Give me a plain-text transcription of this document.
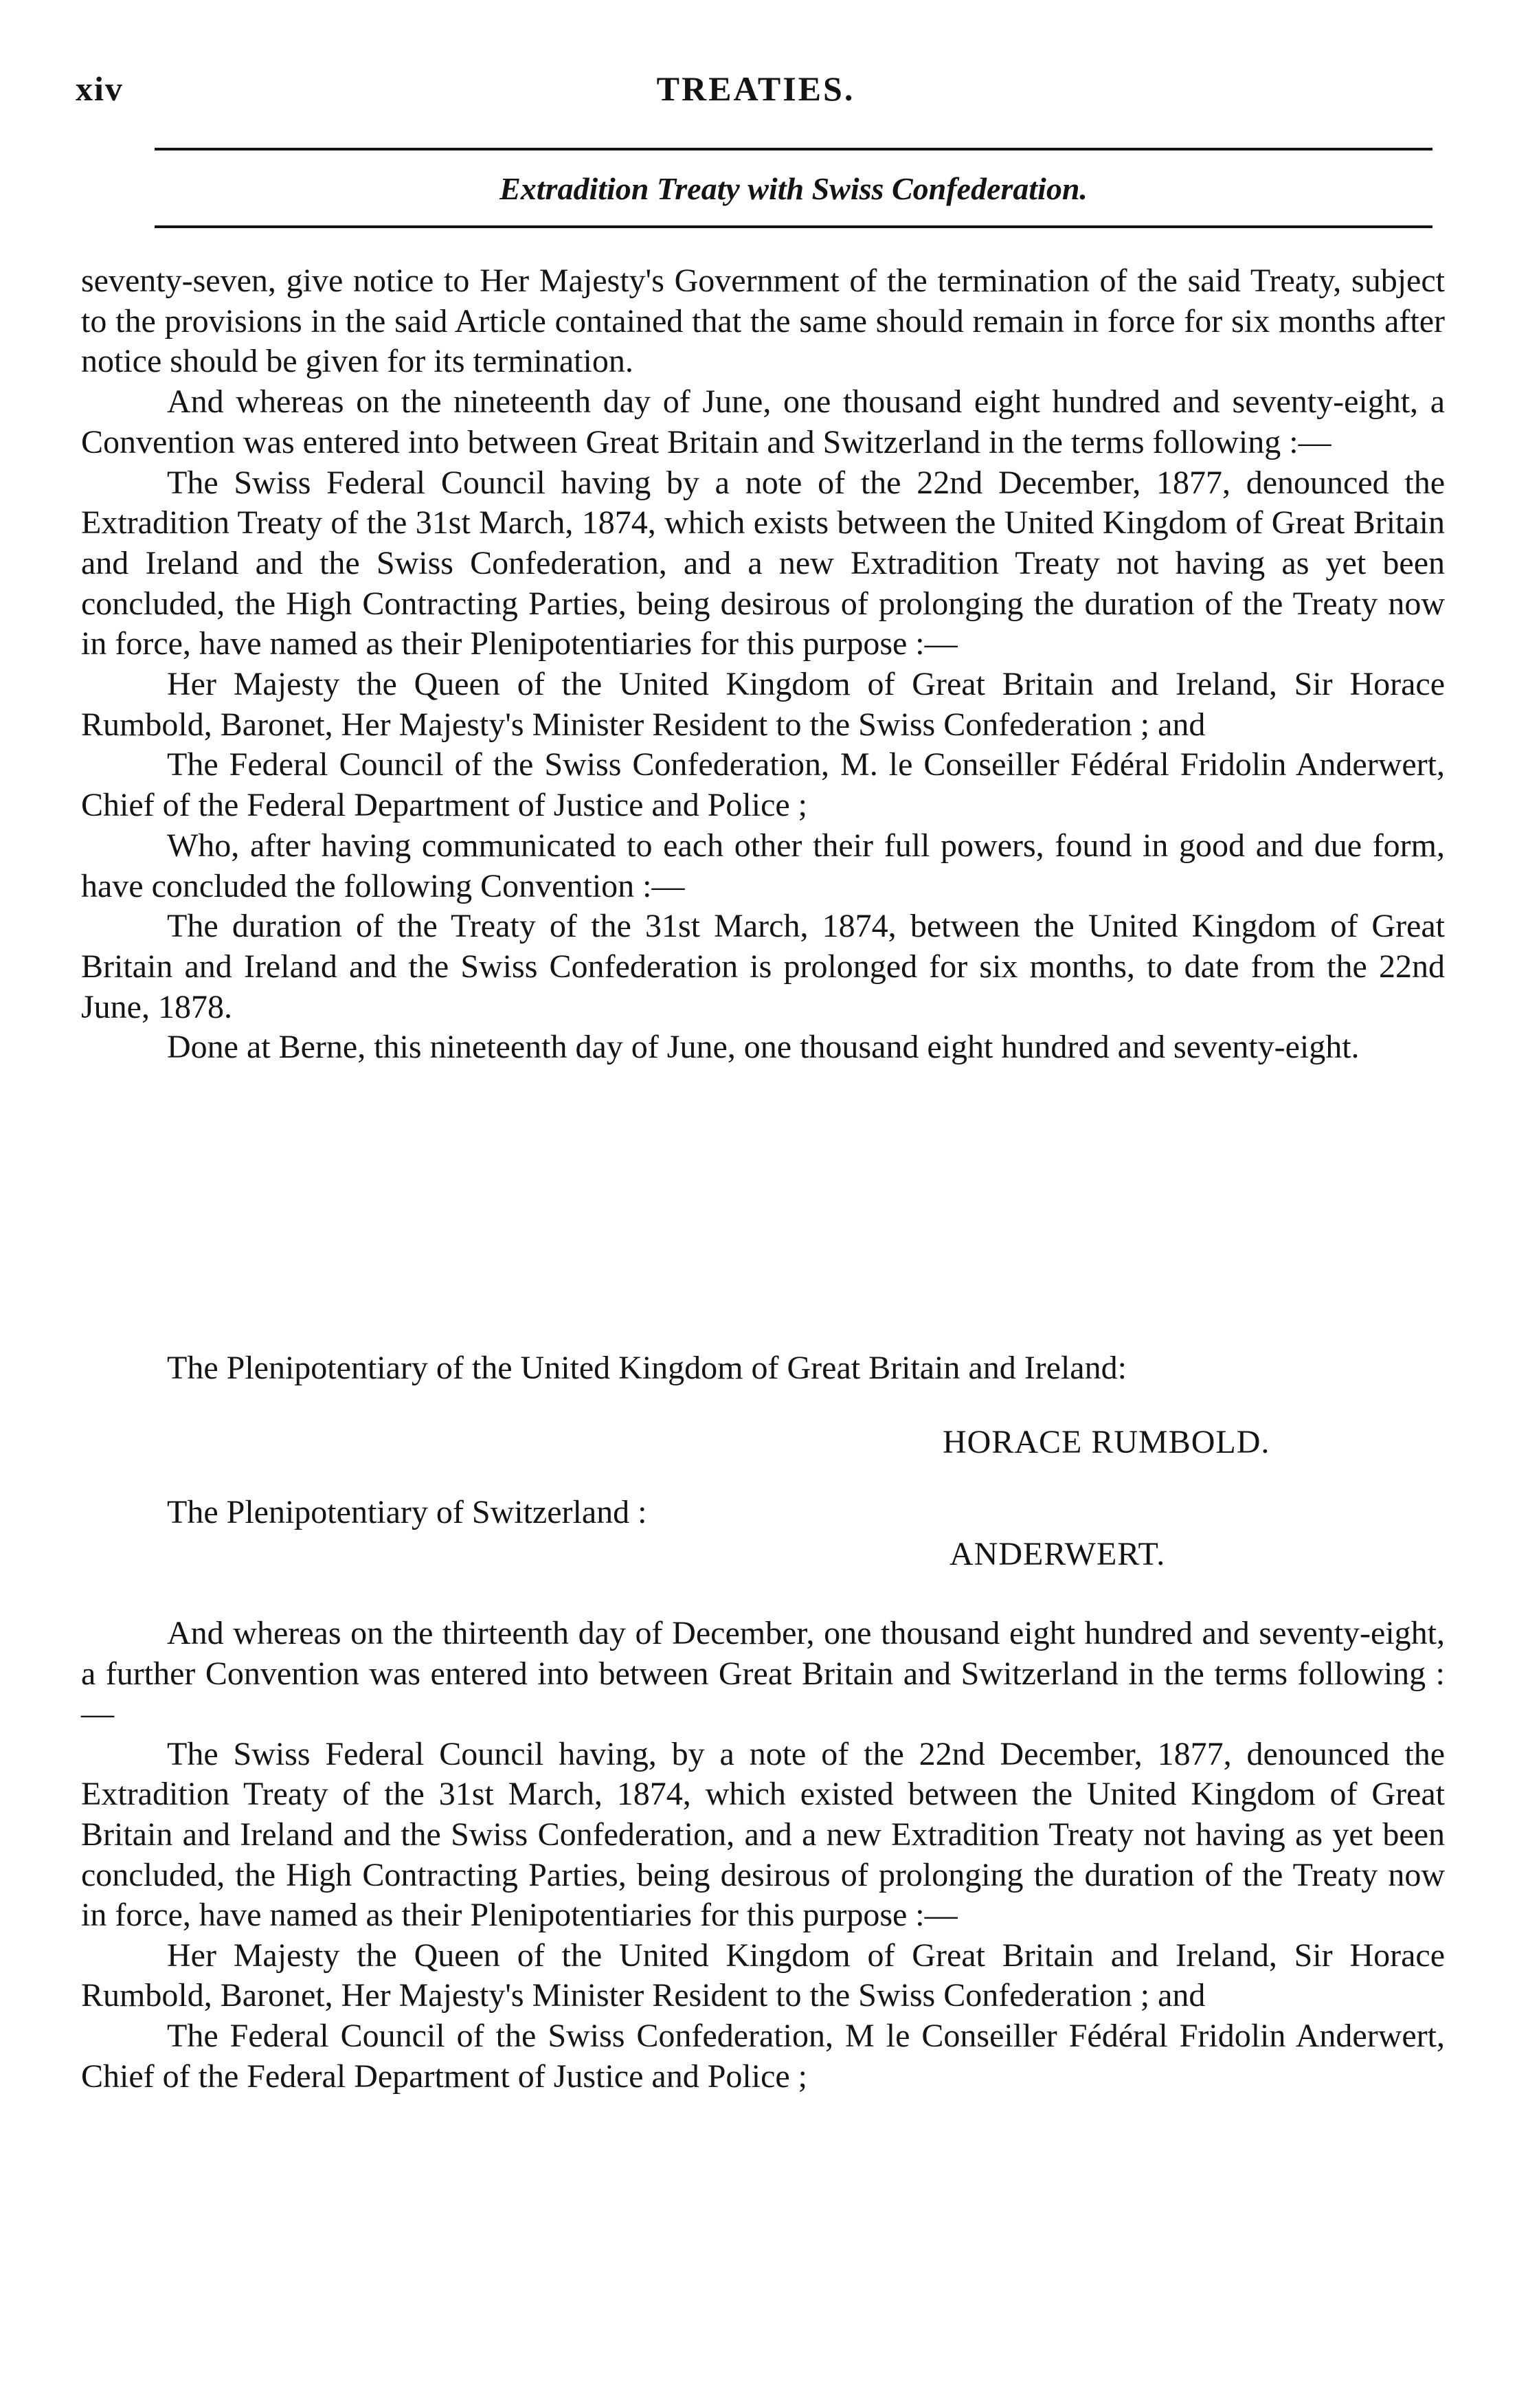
xiv	TREATIES.
Extradition Treaty with Swiss Confederation.

seventy-seven, give notice to Her Majesty's Government of the termination of the said Treaty, subject to the provisions in the said Article contained that the same should remain in force for six months after notice should be given for its termination.

And whereas on the nineteenth day of June, one thousand eight hundred and seventy-eight, a Convention was entered into between Great Britain and Switzerland in the terms following :—

The Swiss Federal Council having by a note of the 22nd December, 1877, denounced the Extradition Treaty of the 31st March, 1874, which exists between the United Kingdom of Great Britain and Ireland and the Swiss Confederation, and a new Extradition Treaty not having as yet been concluded, the High Contracting Parties, being desirous of prolonging the duration of the Treaty now in force, have named as their Plenipotentiaries for this purpose :—

Her Majesty the Queen of the United Kingdom of Great Britain and Ireland, Sir Horace Rumbold, Baronet, Her Majesty's Minister Resident to the Swiss Confederation ; and

The Federal Council of the Swiss Confederation, M. le Conseiller Fédéral Fridolin Anderwert, Chief of the Federal Department of Justice and Police ;

Who, after having communicated to each other their full powers, found in good and due form, have concluded the following Convention :—

The duration of the Treaty of the 31st March, 1874, between the United Kingdom of Great Britain and Ireland and the Swiss Confederation is prolonged for six months, to date from the 22nd June, 1878.

Done at Berne, this nineteenth day of June, one thousand eight hundred and seventy-eight.

The Plenipotentiary of the United Kingdom of Great Britain and Ireland:
HORACE RUMBOLD.
The Plenipotentiary of Switzerland :
ANDERWERT.

And whereas on the thirteenth day of December, one thousand eight hundred and seventy-eight, a further Convention was entered into between Great Britain and Switzerland in the terms following :—

The Swiss Federal Council having, by a note of the 22nd December, 1877, denounced the Extradition Treaty of the 31st March, 1874, which existed between the United Kingdom of Great Britain and Ireland and the Swiss Confederation, and a new Extradition Treaty not having as yet been concluded, the High Contracting Parties, being desirous of prolonging the duration of the Treaty now in force, have named as their Plenipotentiaries for this purpose :—

Her Majesty the Queen of the United Kingdom of Great Britain and Ireland, Sir Horace Rumbold, Baronet, Her Majesty's Minister Resident to the Swiss Confederation ; and

The Federal Council of the Swiss Confederation, M le Conseiller Fédéral Fridolin Anderwert, Chief of the Federal Department of Justice and Police ;
